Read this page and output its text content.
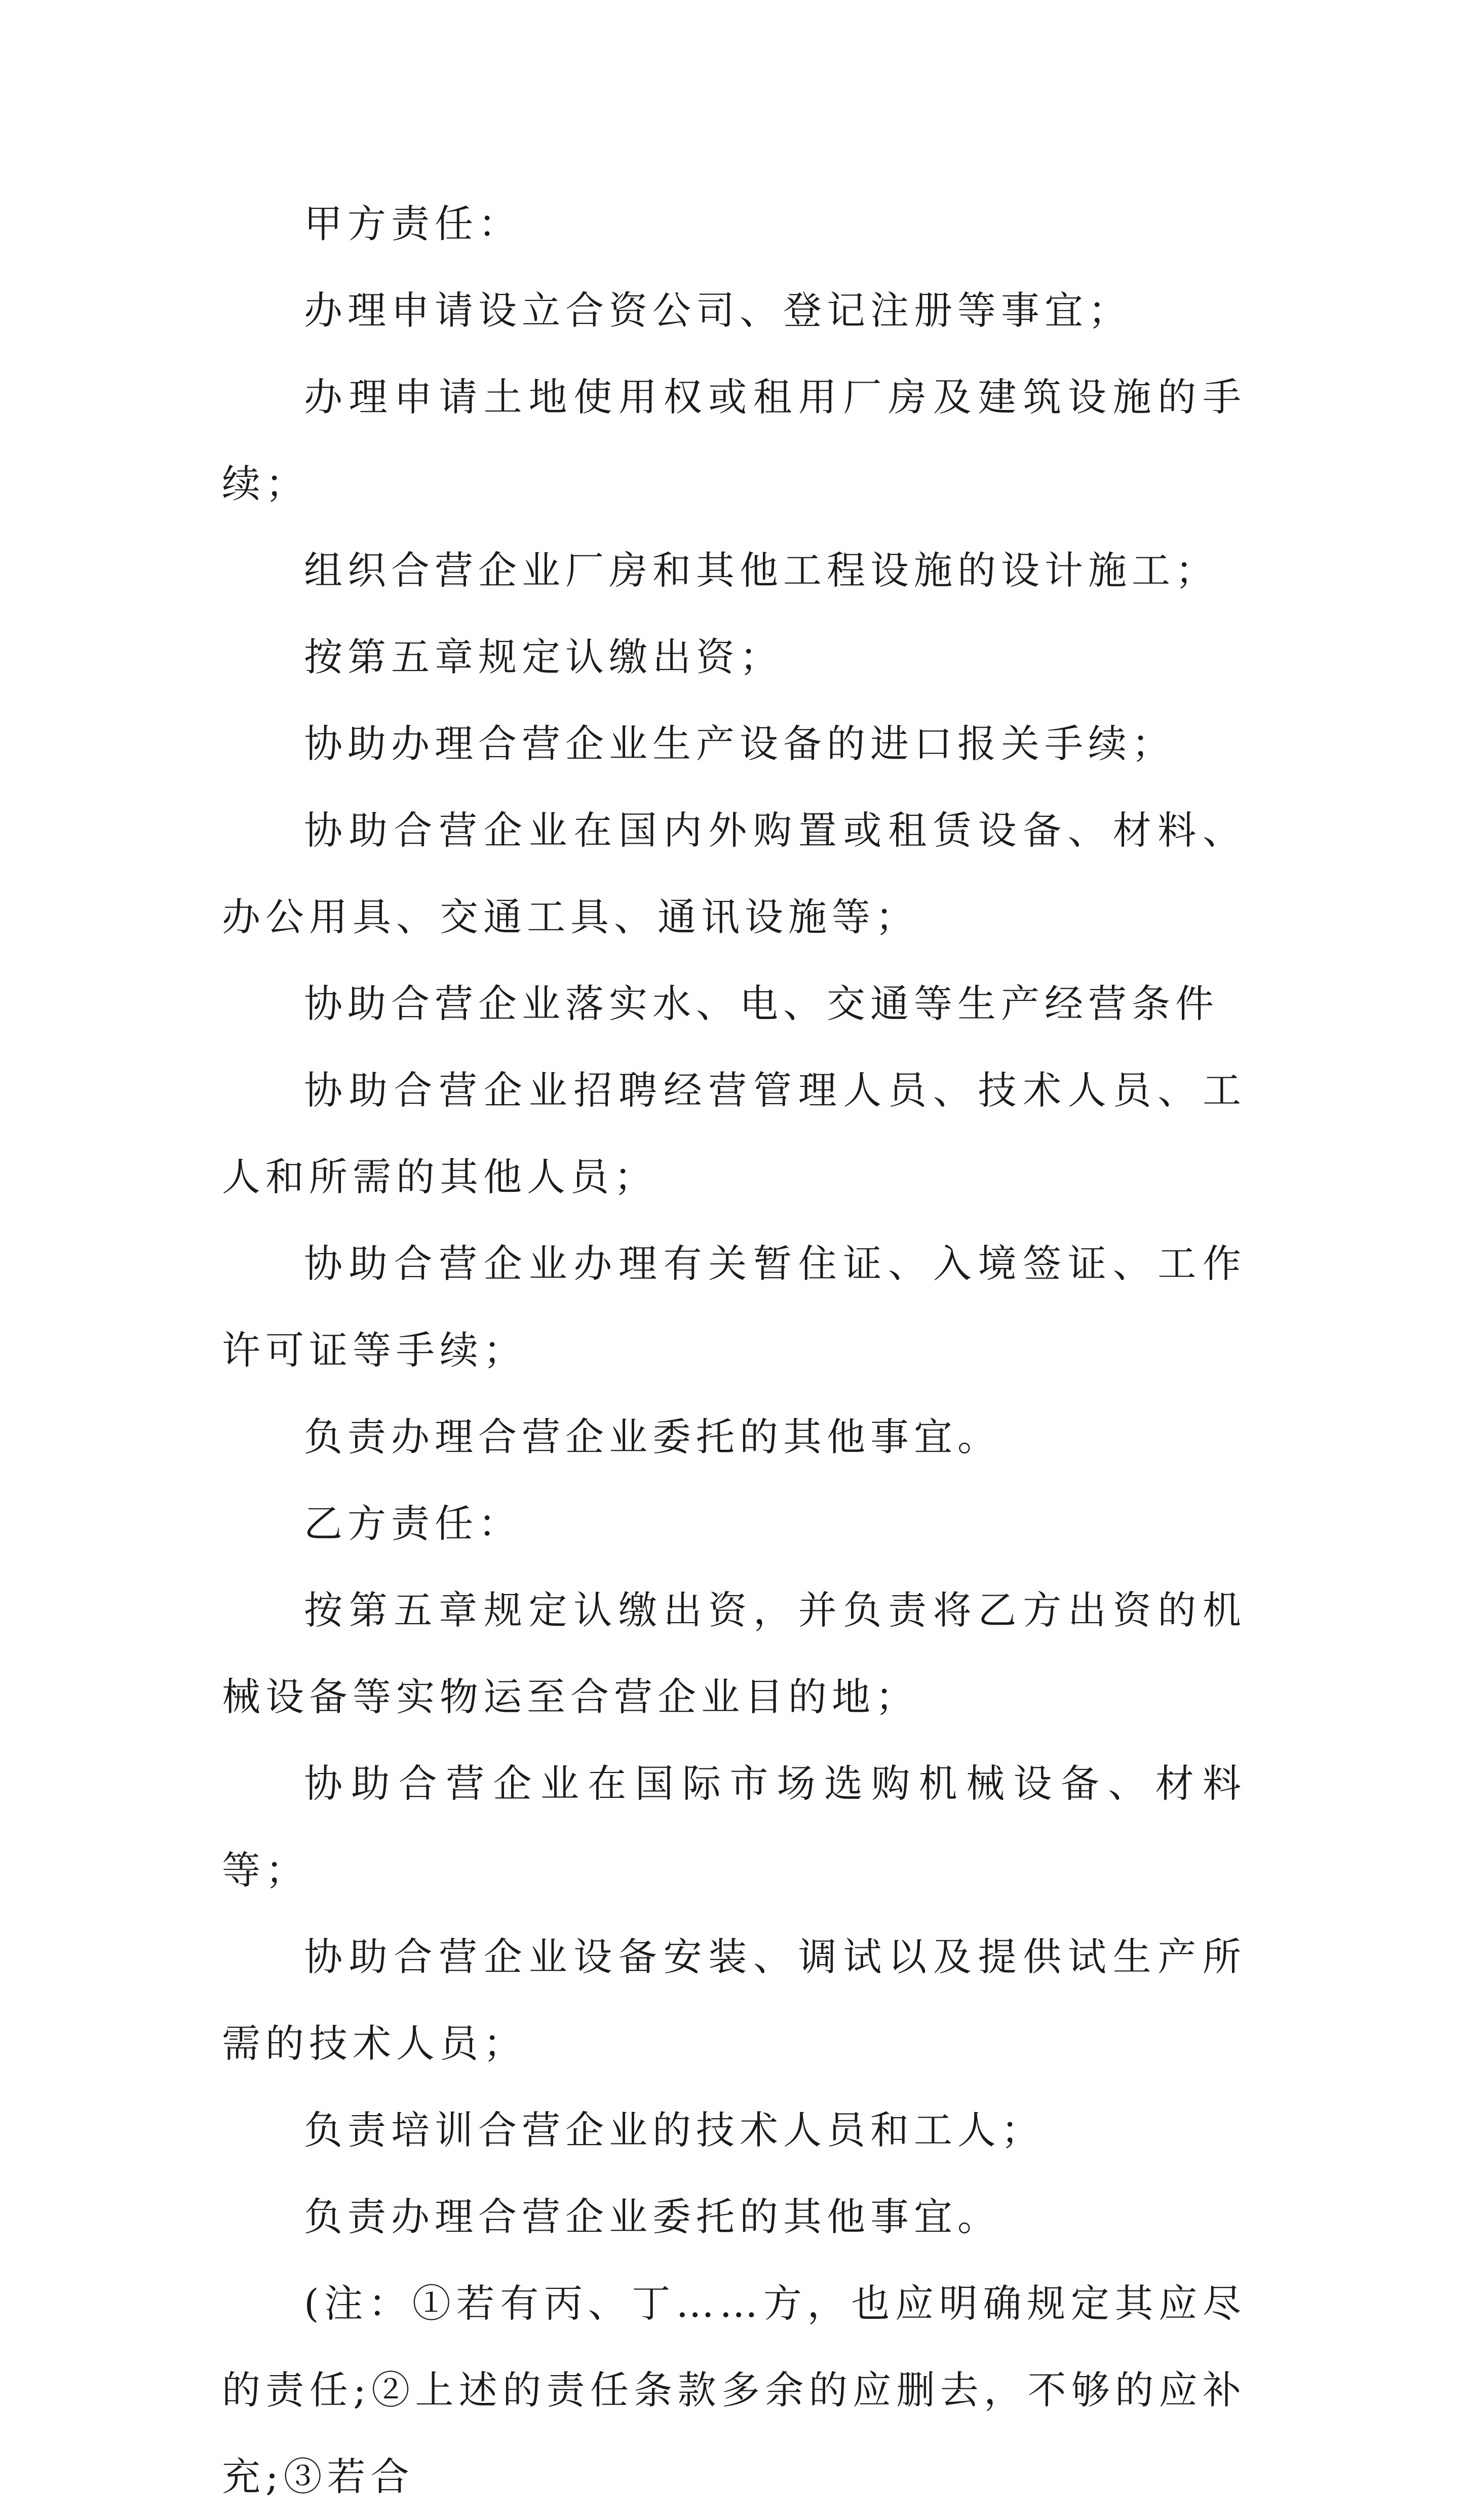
甲方责任：

办理申请设立合资公司、登记注册等事宜；

办理申请土地使用权或租用厂房及建筑设施的手续；

组织合营企业厂房和其他工程设施的设计施工；

按第五章规定认缴出资；

协助办理合营企业生产设备的进口报关手续；

协助合营企业在国内外购置或租赁设备、材料、办公用具、交通工具、通讯设施等；

协助合营企业落实水、电、交通等生产经营条件

协助合营企业招聘经营管理人员、技术人员、工人和所需的其他人员；

协助合营企业办理有关暂住证、入境签证、工作许可证等手续；

负责办理合营企业委托的其他事宜。

乙方责任：

按第五章规定认缴出资，并负责将乙方出资的机械设备等实物运至合营企业目的地；

协助合营企业在国际市场选购机械设备、材料等；

协助合营企业设备安装、调试以及提供试生产所需的技术人员；

负责培训合营企业的技术人员和工人；

负责办理合营企业委托的其他事宜。

(注：①若有丙、丁……方，也应明确规定其应尽的责任;②上述的责任条款多余的应删去，不够的应补充;③若合
